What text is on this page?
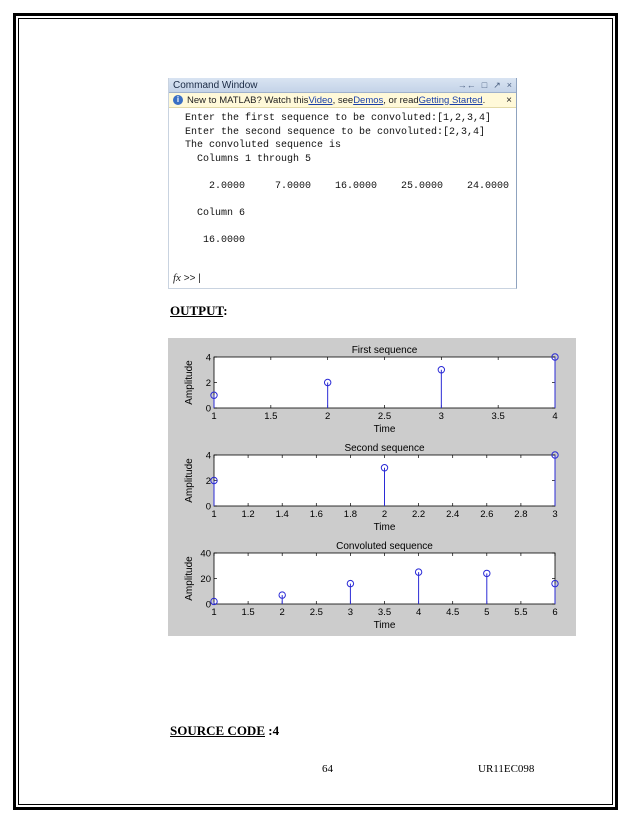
Command Window	→← □ ↗ ×
i New to MATLAB? Watch this Video , see Demos , or read Getting Started . ×
Enter the first sequence to be convoluted:[1,2,3,4]
Enter the second sequence to be convoluted:[2,3,4]
The convoluted sequence is
Columns 1 through 5

2.0000     7.0000    16.0000    25.0000    24.0000

Column 6

16.0000

fx >> |
OUTPUT:
First sequence
Time
Amplitude
1	1.5	2	2.5	3	3.5	4
0
2
4
Second sequence
Time
Amplitude
1	1.2 1.4 1.6 1.8	2	2.2 2.4 2.6 2.8	3
0
2
4
Convoluted sequence
Time
Amplitude
1	1.5	2	2.5	3	3.5	4	4.5	5	5.5	6
0
20
40
SOURCE CODE :4
64	UR11EC098
